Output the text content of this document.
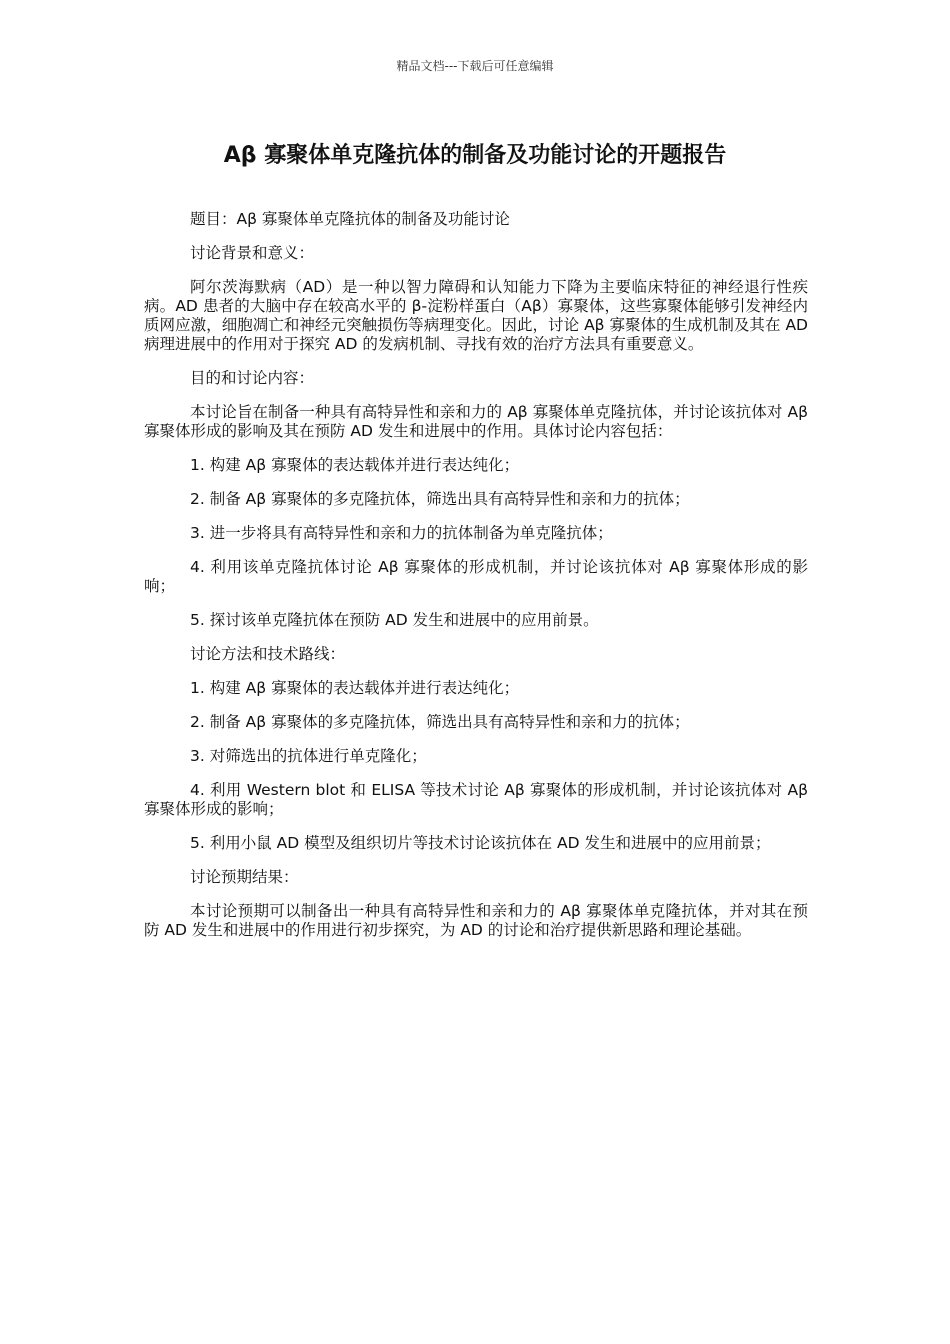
精品文档---下载后可任意编辑
Aβ 寡聚体单克隆抗体的制备及功能讨论的开题报告

题目：Aβ 寡聚体单克隆抗体的制备及功能讨论

讨论背景和意义：

阿尔茨海默病（AD）是一种以智力障碍和认知能力下降为主要临床特征的神经退行性疾病。AD 患者的大脑中存在较高水平的 β-淀粉样蛋白（Aβ）寡聚体，这些寡聚体能够引发神经内质网应激，细胞凋亡和神经元突触损伤等病理变化。因此，讨论 Aβ 寡聚体的生成机制及其在 AD 病理进展中的作用对于探究 AD 的发病机制、寻找有效的治疗方法具有重要意义。

目的和讨论内容：

本讨论旨在制备一种具有高特异性和亲和力的 Aβ 寡聚体单克隆抗体，并讨论该抗体对 Aβ 寡聚体形成的影响及其在预防 AD 发生和进展中的作用。具体讨论内容包括：

1. 构建 Aβ 寡聚体的表达载体并进行表达纯化；

2. 制备 Aβ 寡聚体的多克隆抗体，筛选出具有高特异性和亲和力的抗体；

3. 进一步将具有高特异性和亲和力的抗体制备为单克隆抗体；

4. 利用该单克隆抗体讨论 Aβ 寡聚体的形成机制，并讨论该抗体对 Aβ 寡聚体形成的影响；

5. 探讨该单克隆抗体在预防 AD 发生和进展中的应用前景。

讨论方法和技术路线：

1. 构建 Aβ 寡聚体的表达载体并进行表达纯化；

2. 制备 Aβ 寡聚体的多克隆抗体，筛选出具有高特异性和亲和力的抗体；

3. 对筛选出的抗体进行单克隆化；

4. 利用 Western blot 和 ELISA 等技术讨论 Aβ 寡聚体的形成机制，并讨论该抗体对 Aβ 寡聚体形成的影响；

5. 利用小鼠 AD 模型及组织切片等技术讨论该抗体在 AD 发生和进展中的应用前景；

讨论预期结果：

本讨论预期可以制备出一种具有高特异性和亲和力的 Aβ 寡聚体单克隆抗体，并对其在预防 AD 发生和进展中的作用进行初步探究，为 AD 的讨论和治疗提供新思路和理论基础。
